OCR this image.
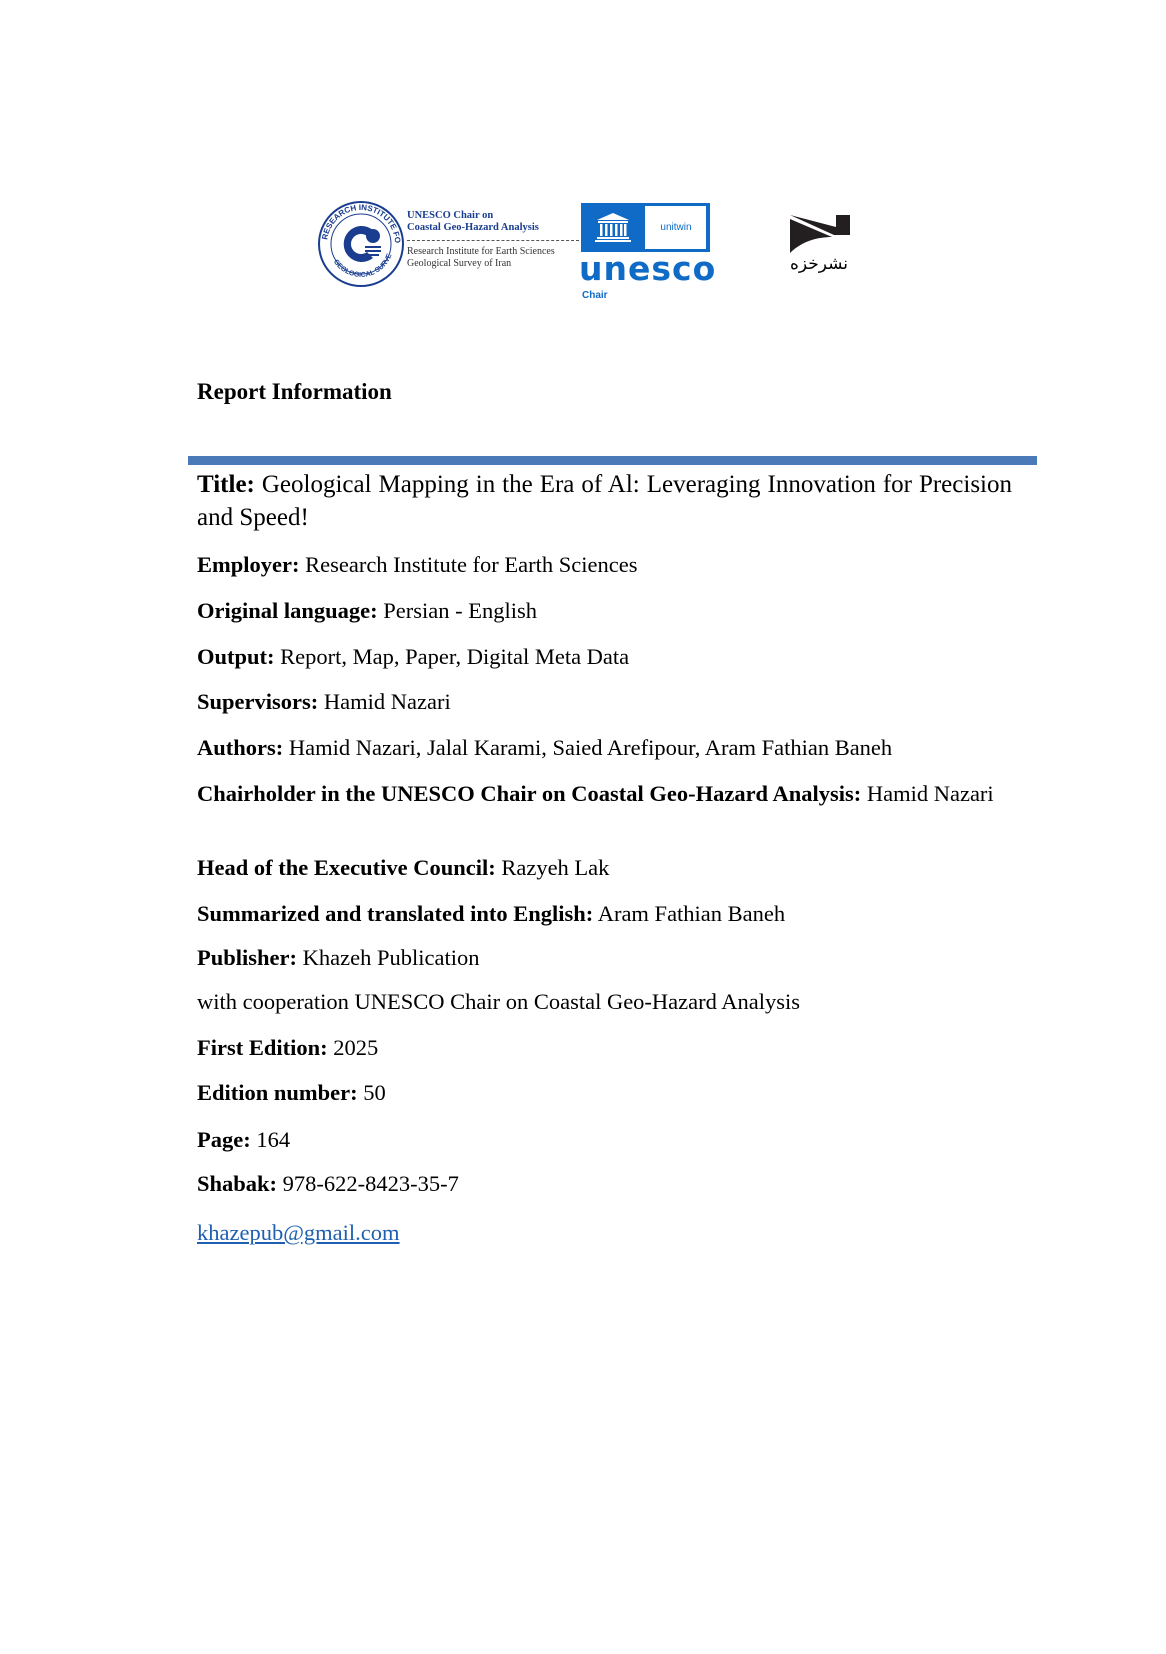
RESEARCH INSTITUTE FO
GEOLOGICAL SURVE
UNESCO Chair on
Coastal Geo-Hazard Analysis
Research Institute for Earth Sciences
Geological Survey of Iran
unitwin
unesco
Chair
نشرخزه
Report Information
Title: Geological Mapping in the Era of Al: Leveraging Innovation for Precision and Speed!
Employer: Research Institute for Earth Sciences
Original language: Persian - English
Output: Report, Map, Paper, Digital Meta Data
Supervisors: Hamid Nazari
Authors: Hamid Nazari, Jalal Karami, Saied Arefipour, Aram Fathian Baneh
Chairholder in the UNESCO Chair on Coastal Geo-Hazard Analysis: Hamid Nazari
Head of the Executive Council: Razyeh Lak
Summarized and translated into English: Aram Fathian Baneh
Publisher: Khazeh Publication
with cooperation UNESCO Chair on Coastal Geo-Hazard Analysis
First Edition: 2025
Edition number: 50
Page: 164
Shabak: 978-622-8423-35-7
khazepub@gmail.com
